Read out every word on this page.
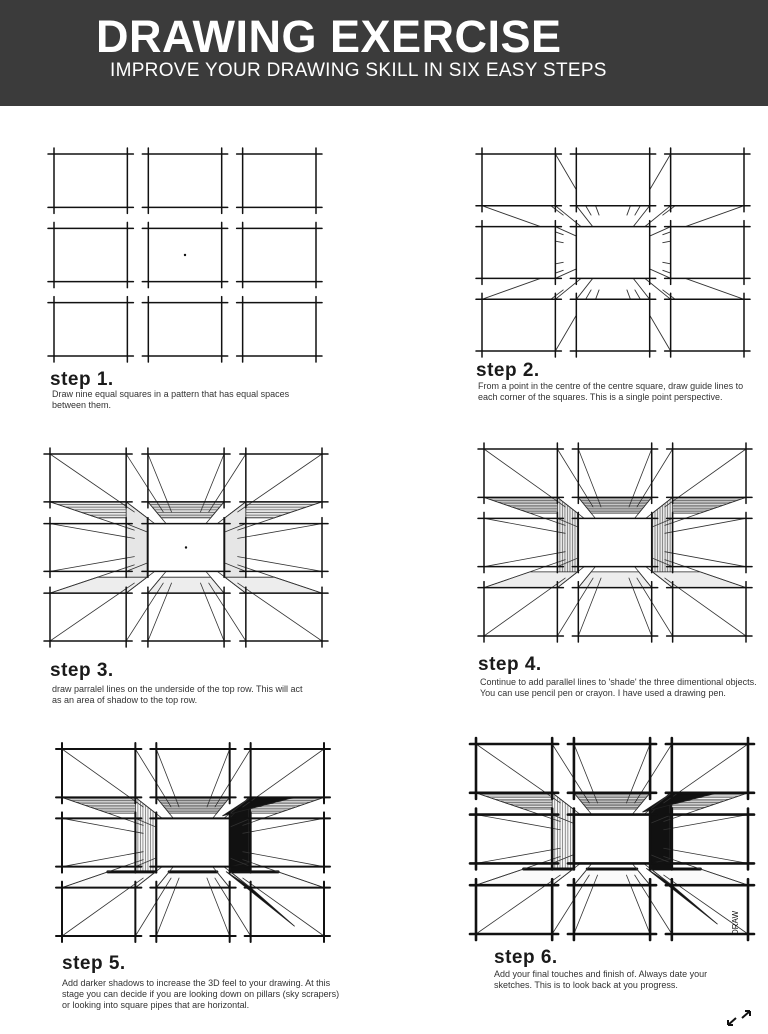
DRAWING EXERCISE
IMPROVE YOUR DRAWING SKILL IN SIX EASY STEPS
DRAW
step 1.
Draw nine equal squares in a pattern that has equal spaces between them.
step 2.
From a point in the centre of the centre square, draw guide lines to each corner of the squares. This is a single point perspective.
step 3.
draw parralel lines on the underside of the top row. This will act as an area of shadow to the top row.
step 4.
Continue to add parallel lines to 'shade' the three dimentional objects. You can use pencil pen or crayon. I have used a drawing pen.
step 5.
Add darker shadows to increase the 3D feel to your drawing. At this stage you can decide if you are looking down on pillars (sky scrapers) or looking into square pipes that are horizontal.
step 6.
Add your final touches and finish of. Always date your sketches. This is to look back at you progress.
